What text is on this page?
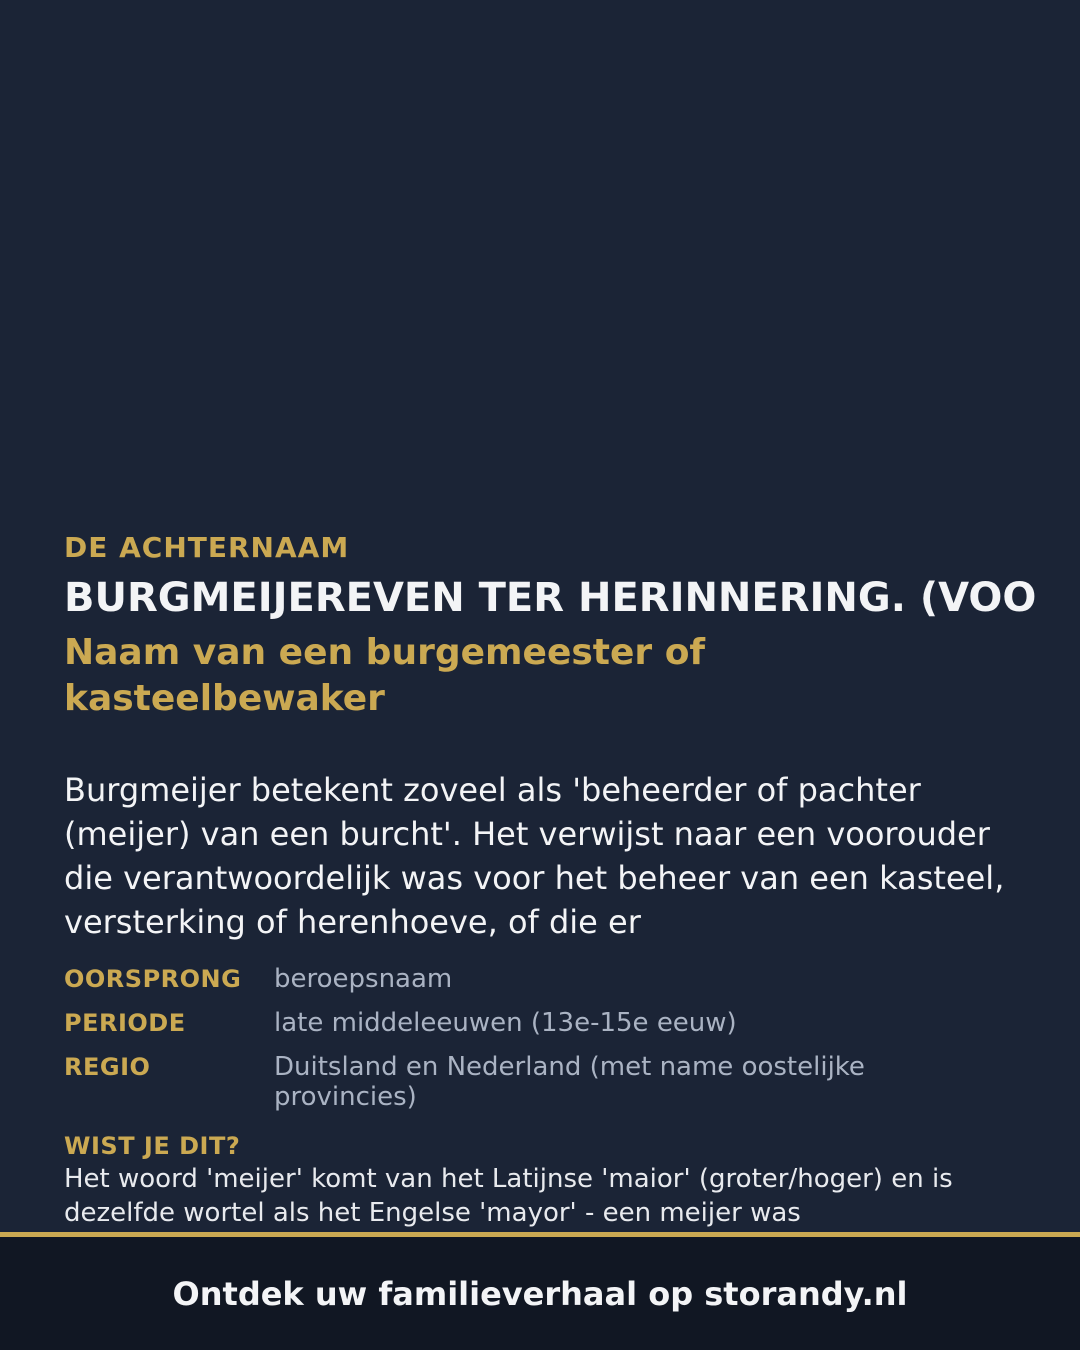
DE ACHTERNAAM
BURGMEIJEREVEN TER HERINNERING. (VOO
Naam van een burgemeester of kasteelbewaker
Burgmeijer betekent zoveel als 'beheerder of pachter (meijer) van een burcht'. Het verwijst naar een voorouder die verantwoordelijk was voor het beheer van een kasteel, versterking of herenhoeve, of die er
OORSPRONG	beroepsnaam
PERIODE	late middeleeuwen (13e-15e eeuw)
REGIO	Duitsland en Nederland (met name oostelijke provincies)
WIST JE DIT?
Het woord 'meijer' komt van het Latijnse 'maior' (groter/hoger) en is dezelfde wortel als het Engelse 'mayor' - een meijer was
Ontdek uw familieverhaal op storandy.nl
